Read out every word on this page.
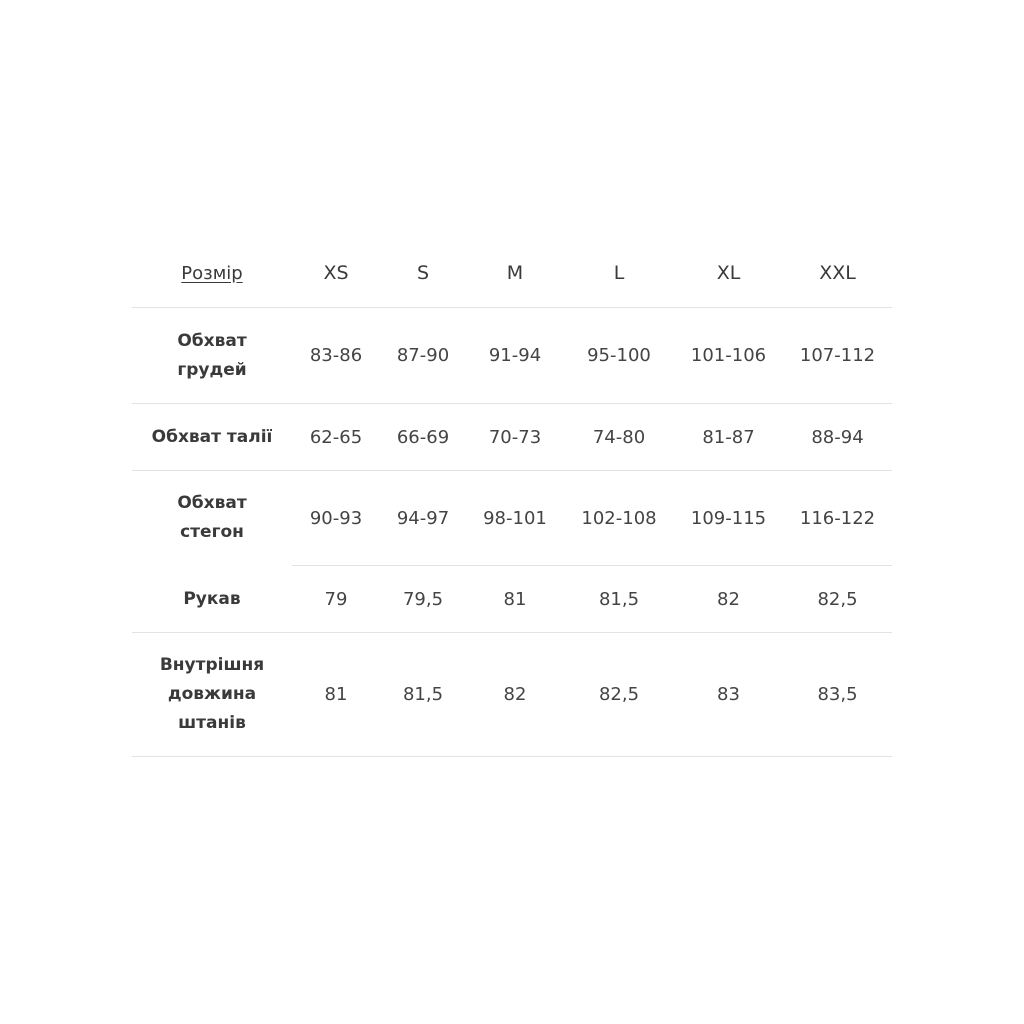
Розмір	XS	S	M	L	XL	XXL
Обхват
грудей	83-86	87-90	91-94	95-100	101-106	107-112
Обхват талії	62-65	66-69	70-73	74-80	81-87	88-94
Обхват
стегон	90-93	94-97	98-101	102-108	109-115	116-122
Рукав	79	79,5	81	81,5	82	82,5
Внутрішня
довжина
штанів	81	81,5	82	82,5	83	83,5
